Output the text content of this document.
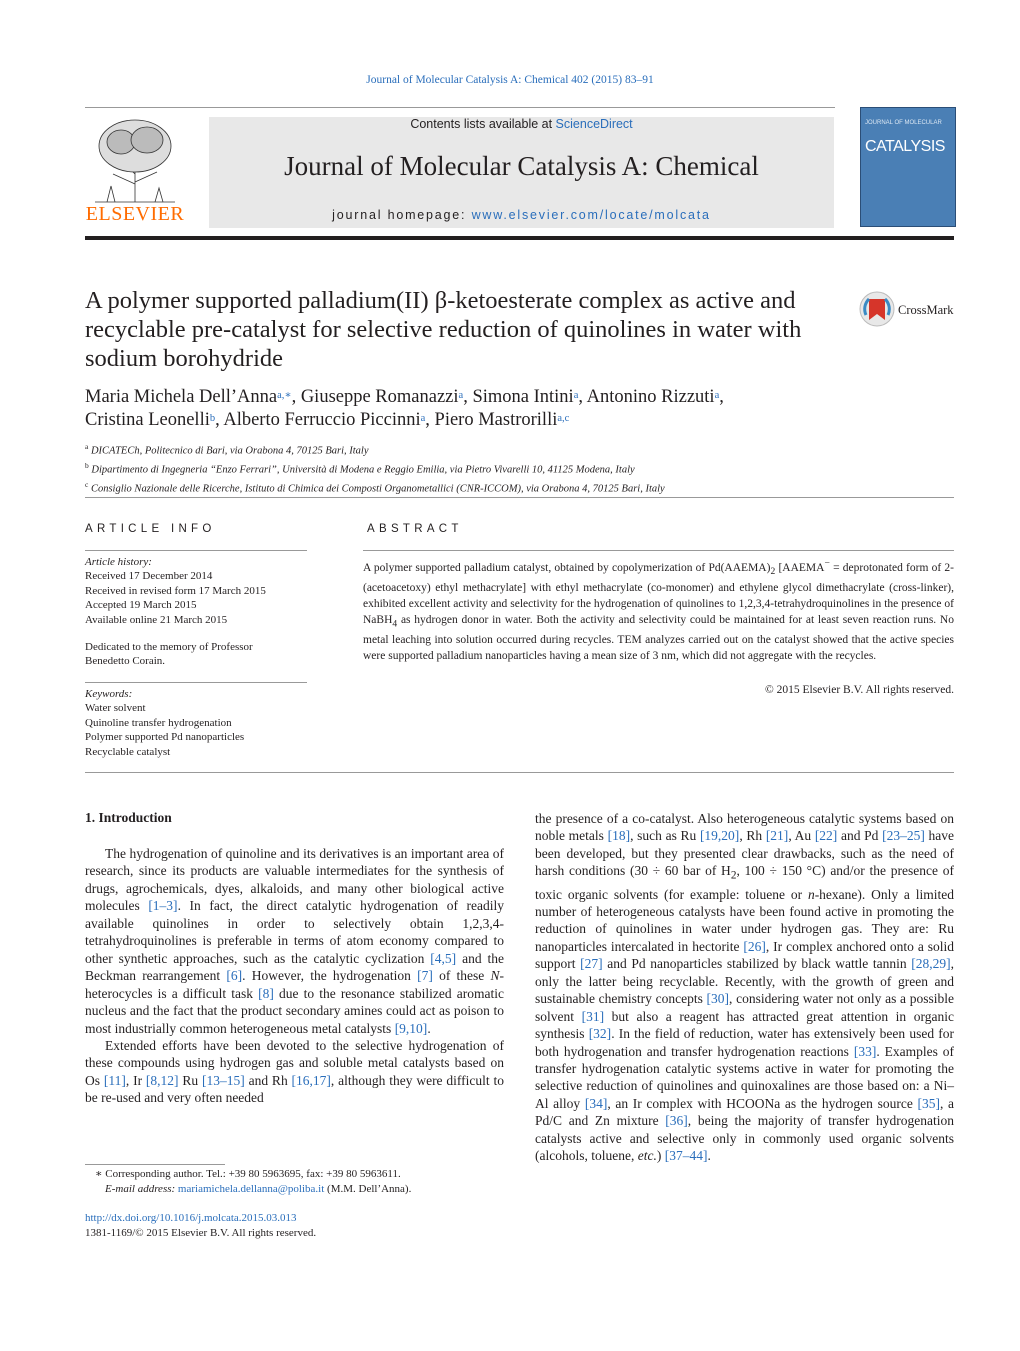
Journal of Molecular Catalysis A: Chemical 402 (2015) 83–91
ELSEVIER
Contents lists available at ScienceDirect
Journal of Molecular Catalysis A: Chemical
journal homepage: www.elsevier.com/locate/molcata
JOURNAL OF MOLECULAR
CATALYSIS
A polymer supported palladium(II) β-ketoesterate complex as active and recyclable pre-catalyst for selective reduction of quinolines in water with sodium borohydride
CrossMark
Maria Michela Dell’Anna$^{a,∗}$, Giuseppe Romanazzi$^a$, Simona Intini$^a$, Antonino Rizzuti$^a$,
Cristina Leonelli$^b$, Alberto Ferruccio Piccinni$^a$, Piero Mastrorilli$^{a,c}$
$^a$ DICATECh, Politecnico di Bari, via Orabona 4, 70125 Bari, Italy
$^b$ Dipartimento di Ingegneria “Enzo Ferrari”, Università di Modena e Reggio Emilia, via Pietro Vivarelli 10, 41125 Modena, Italy
$^c$ Consiglio Nazionale delle Ricerche, Istituto di Chimica dei Composti Organometallici (CNR-ICCOM), via Orabona 4, 70125 Bari, Italy
ARTICLE INFO
Article history:
Received 17 December 2014
Received in revised form 17 March 2015
Accepted 19 March 2015
Available online 21 March 2015
Dedicated to the memory of Professor
Benedetto Corain.
Keywords:
Water solvent
Quinoline transfer hydrogenation
Polymer supported Pd nanoparticles
Recyclable catalyst
ABSTRACT
A polymer supported palladium catalyst, obtained by copolymerization of $Pd(AAEMA)_2$ [AAEMA− = deprotonated form of 2-(acetoacetoxy) ethyl methacrylate] with ethyl methacrylate (co-monomer) and ethylene glycol dimethacrylate (cross-linker), exhibited excellent activity and selectivity for the hydrogenation of quinolines to 1,2,3,4-tetrahydroquinolines in the presence of NaBH$_4$ as hydrogen donor in water. Both the activity and selectivity could be maintained for at least seven reaction runs. No metal leaching into solution occurred during recycles. TEM analyzes carried out on the catalyst showed that the active species were supported palladium nanoparticles having a mean size of 3 nm, which did not aggregate with the recycles.
© 2015 Elsevier B.V. All rights reserved.
1. Introduction

The hydrogenation of quinoline and its derivatives is an important area of research, since its products are valuable intermediates for the synthesis of drugs, agrochemicals, dyes, alkaloids, and many other biological active molecules [1–3]. In fact, the direct catalytic hydrogenation of readily available quinolines in order to selectively obtain 1,2,3,4-tetrahydroquinolines is preferable in terms of atom economy compared to other synthetic approaches, such as the catalytic cyclization [4,5] and the Beckman rearrangement [6]. However, the hydrogenation [7] of these N-heterocycles is a difficult task [8] due to the resonance stabilized aromatic nucleus and the fact that the product secondary amines could act as poison to most industrially common heterogeneous metal catalysts [9,10].

Extended efforts have been devoted to the selective hydrogenation of these compounds using hydrogen gas and soluble metal catalysts based on Os [11], Ir [8,12] Ru [13–15] and Rh [16,17], although they were difficult to be re-used and very often needed

the presence of a co-catalyst. Also heterogeneous catalytic systems based on noble metals [18], such as Ru [19,20], Rh [21], Au [22] and Pd [23–25] have been developed, but they presented clear drawbacks, such as the need of harsh conditions (30 ÷ 60 bar of $H_2$, 100 ÷ 150 °C) and/or the presence of toxic organic solvents (for example: toluene or n-hexane). Only a limited number of heterogeneous catalysts have been found active in promoting the reduction of quinolines in water under hydrogen gas. They are: Ru nanoparticles intercalated in hectorite [26], Ir complex anchored onto a solid support [27] and Pd nanoparticles stabilized by black wattle tannin [28,29], only the latter being recyclable. Recently, with the growth of green and sustainable chemistry concepts [30], considering water not only as a possible solvent [31] but also a reagent has attracted great attention in organic synthesis [32]. In the field of reduction, water has extensively been used for both hydrogenation and transfer hydrogenation reactions [33]. Examples of transfer hydrogenation catalytic systems active in water for promoting the selective reduction of quinolines and quinoxalines are those based on: a Ni–Al alloy [34], an Ir complex with HCOONa as the hydrogen source [35], a Pd/C and Zn mixture [36], being the majority of transfer hydrogenation catalysts active and selective only in commonly used organic solvents (alcohols, toluene, etc.) [37–44].

∗ Corresponding author. Tel.: +39 80 5963695, fax: +39 80 5963611.
E-mail address: mariamichela.dellanna@poliba.it (M.M. Dell’Anna).
http://dx.doi.org/10.1016/j.molcata.2015.03.013
1381-1169/© 2015 Elsevier B.V. All rights reserved.
